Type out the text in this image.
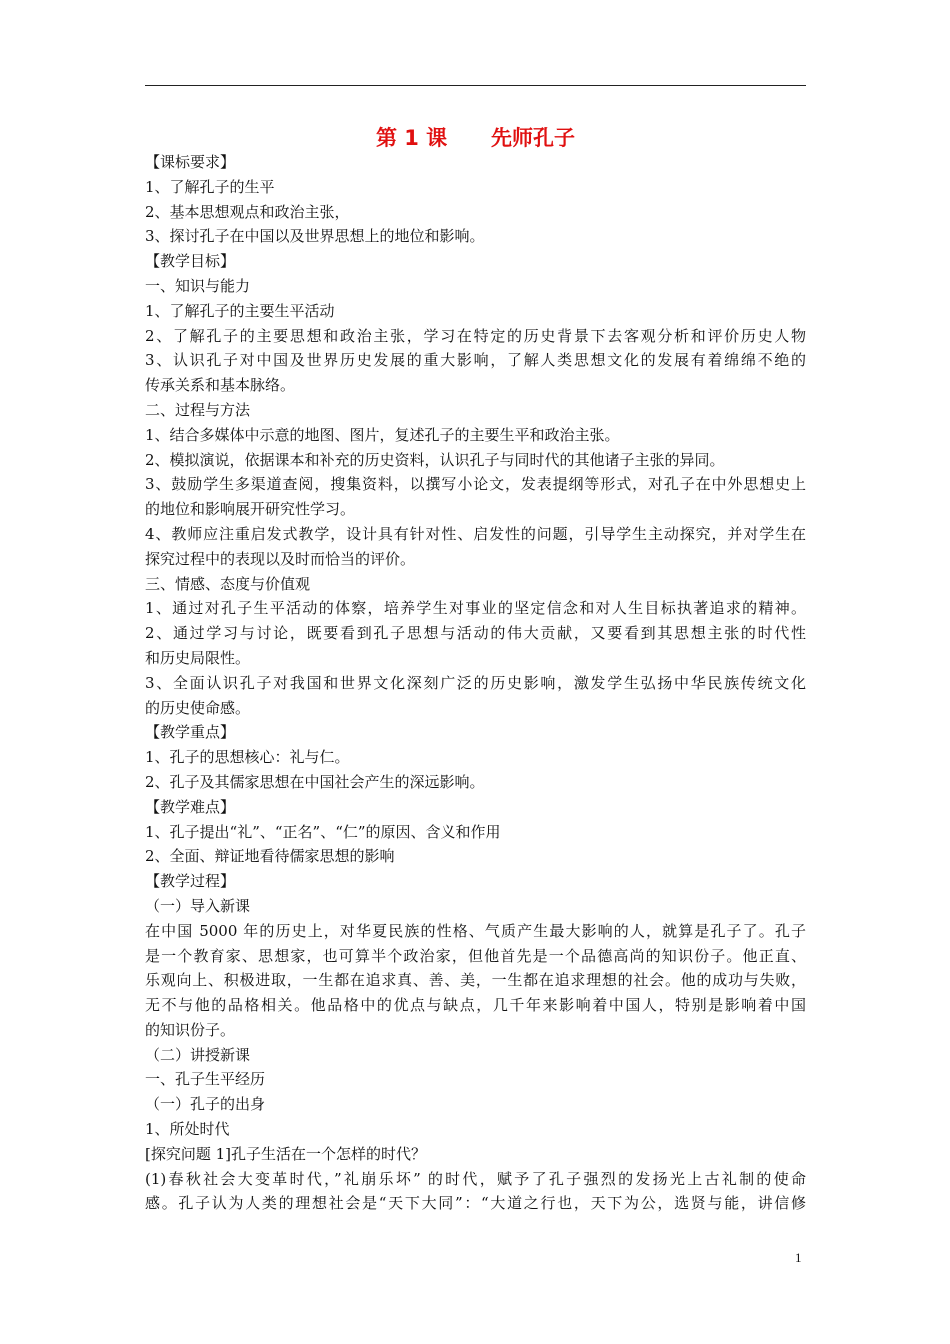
第 1 课      先师孔子
【课标要求】
1、了解孔子的生平
2、基本思想观点和政治主张，
3、探讨孔子在中国以及世界思想上的地位和影响。
【教学目标】
一、知识与能力
1、了解孔子的主要生平活动
2、了解孔子的主要思想和政治主张，学习在特定的历史背景下去客观分析和评价历史人物
3、认识孔子对中国及世界历史发展的重大影响，了解人类思想文化的发展有着绵绵不绝的
传承关系和基本脉络。
二、过程与方法
1、结合多媒体中示意的地图、图片，复述孔子的主要生平和政治主张。
2、模拟演说，依据课本和补充的历史资料，认识孔子与同时代的其他诸子主张的异同。
3、鼓励学生多渠道查阅，搜集资料，以撰写小论文，发表提纲等形式，对孔子在中外思想史上
的地位和影响展开研究性学习。
4、教师应注重启发式教学，设计具有针对性、启发性的问题，引导学生主动探究，并对学生在
探究过程中的表现以及时而恰当的评价。
三、情感、态度与价值观
1、通过对孔子生平活动的体察，培养学生对事业的坚定信念和对人生目标执著追求的精神。
2、通过学习与讨论，既要看到孔子思想与活动的伟大贡献，又要看到其思想主张的时代性
和历史局限性。
3、全面认识孔子对我国和世界文化深刻广泛的历史影响，激发学生弘扬中华民族传统文化
的历史使命感。
【教学重点】
1、孔子的思想核心：礼与仁。
2、孔子及其儒家思想在中国社会产生的深远影响。
【教学难点】
1、孔子提出“礼”、“正名”、“仁”的原因、含义和作用
2、全面、辩证地看待儒家思想的影响
【教学过程】
（一）导入新课
在中国 5000 年的历史上，对华夏民族的性格、气质产生最大影响的人，就算是孔子了。孔子
是一个教育家、思想家，也可算半个政治家，但他首先是一个品德高尚的知识份子。他正直、
乐观向上、积极进取，一生都在追求真、善、美，一生都在追求理想的社会。他的成功与失败，
无不与他的品格相关。他品格中的优点与缺点，几千年来影响着中国人，特别是影响着中国
的知识份子。
（二）讲授新课
一、孔子生平经历
（一）孔子的出身
1、所处时代
[探究问题 1]孔子生活在一个怎样的时代？
(1)春秋社会大变革时代，”礼崩乐坏” 的时代，赋予了孔子强烈的发扬光上古礼制的使命
感。孔子认为人类的理想社会是“天下大同”：“大道之行也，天下为公，选贤与能，讲信修
1
